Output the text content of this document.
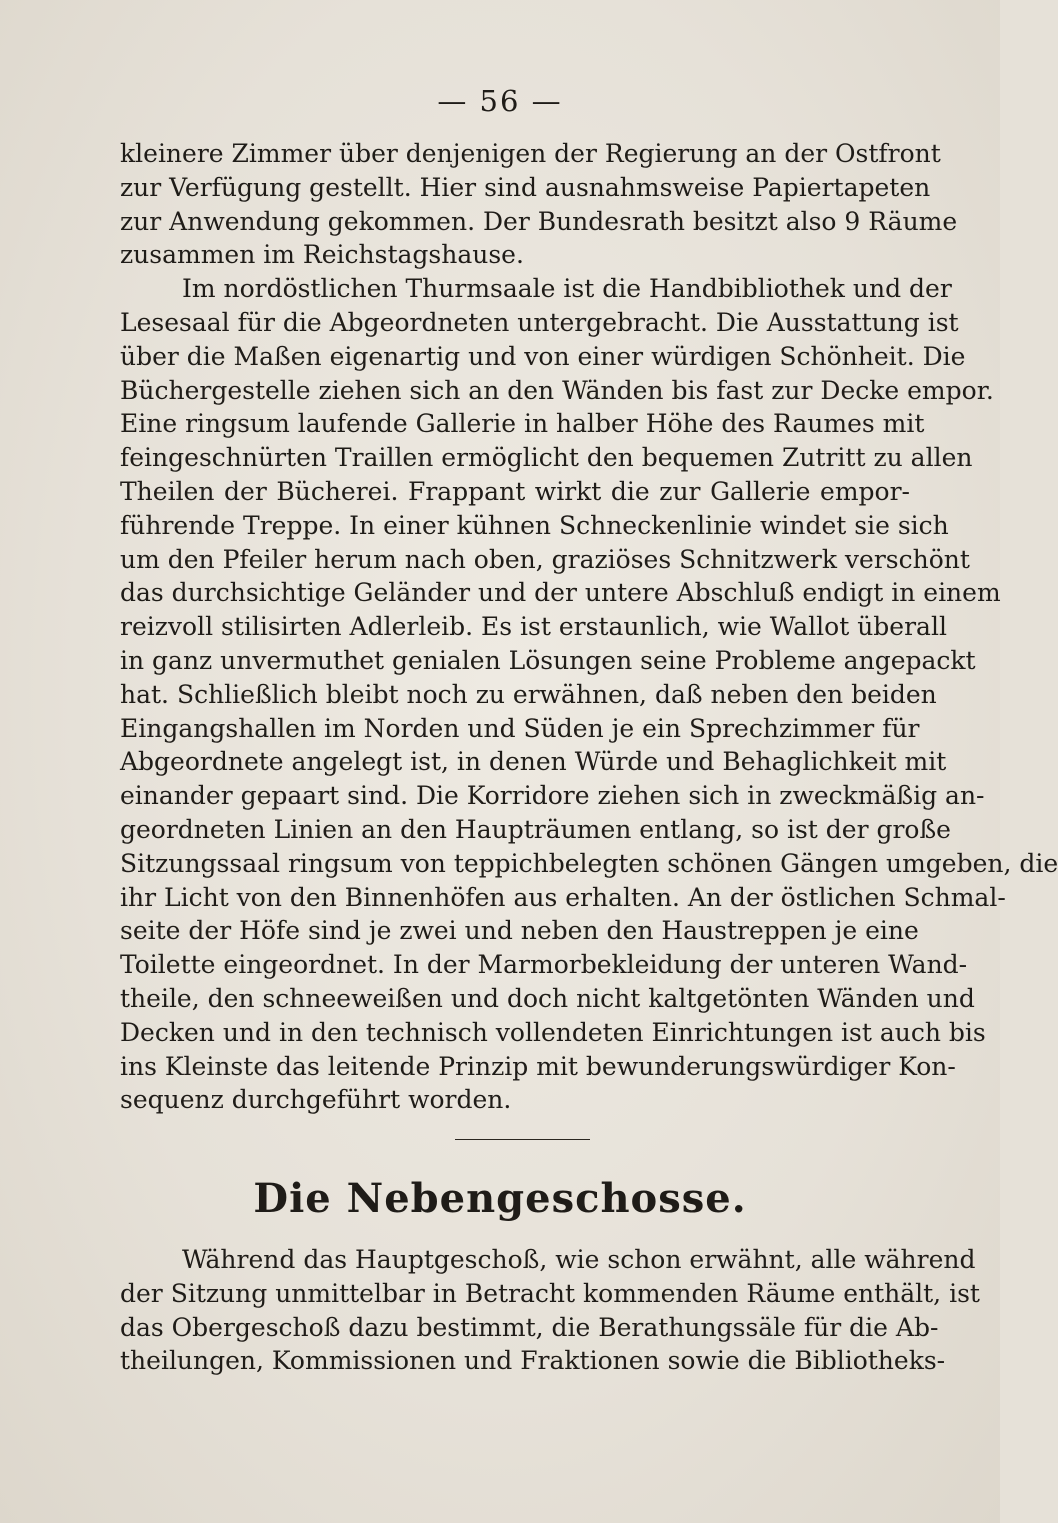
— 56 —
kleinere Zimmer über denjenigen der Regierung an der Ostfront
zur Verfügung gestellt. Hier sind ausnahmsweise Papiertapeten
zur Anwendung gekommen. Der Bundesrath besitzt also 9 Räume
zusammen im Reichstagshause.
Im nordöstlichen Thurmsaale ist die Handbibliothek und der
Lesesaal für die Abgeordneten untergebracht. Die Ausstattung ist
über die Maßen eigenartig und von einer würdigen Schönheit. Die
Büchergestelle ziehen sich an den Wänden bis fast zur Decke empor.
Eine ringsum laufende Gallerie in halber Höhe des Raumes mit
feingeschnürten Traillen ermöglicht den bequemen Zutritt zu allen
Theilen der Bücherei. Frappant wirkt die zur Gallerie empor-
führende Treppe. In einer kühnen Schneckenlinie windet sie sich
um den Pfeiler herum nach oben, graziöses Schnitzwerk verschönt
das durchsichtige Geländer und der untere Abschluß endigt in einem
reizvoll stilisirten Adlerleib. Es ist erstaunlich, wie Wallot überall
in ganz unvermuthet genialen Lösungen seine Probleme angepackt
hat. Schließlich bleibt noch zu erwähnen, daß neben den beiden
Eingangshallen im Norden und Süden je ein Sprechzimmer für
Abgeordnete angelegt ist, in denen Würde und Behaglichkeit mit
einander gepaart sind. Die Korridore ziehen sich in zweckmäßig an-
geordneten Linien an den Haupträumen entlang, so ist der große
Sitzungssaal ringsum von teppichbelegten schönen Gängen umgeben, die
ihr Licht von den Binnenhöfen aus erhalten. An der östlichen Schmal-
seite der Höfe sind je zwei und neben den Haustreppen je eine
Toilette eingeordnet. In der Marmorbekleidung der unteren Wand-
theile, den schneeweißen und doch nicht kaltgetönten Wänden und
Decken und in den technisch vollendeten Einrichtungen ist auch bis
ins Kleinste das leitende Prinzip mit bewunderungswürdiger Kon-
sequenz durchgeführt worden.
Die Nebengeschosse.
Während das Hauptgeschoß, wie schon erwähnt, alle während
der Sitzung unmittelbar in Betracht kommenden Räume enthält, ist
das Obergeschoß dazu bestimmt, die Berathungssäle für die Ab-
theilungen, Kommissionen und Fraktionen sowie die Bibliotheks-
